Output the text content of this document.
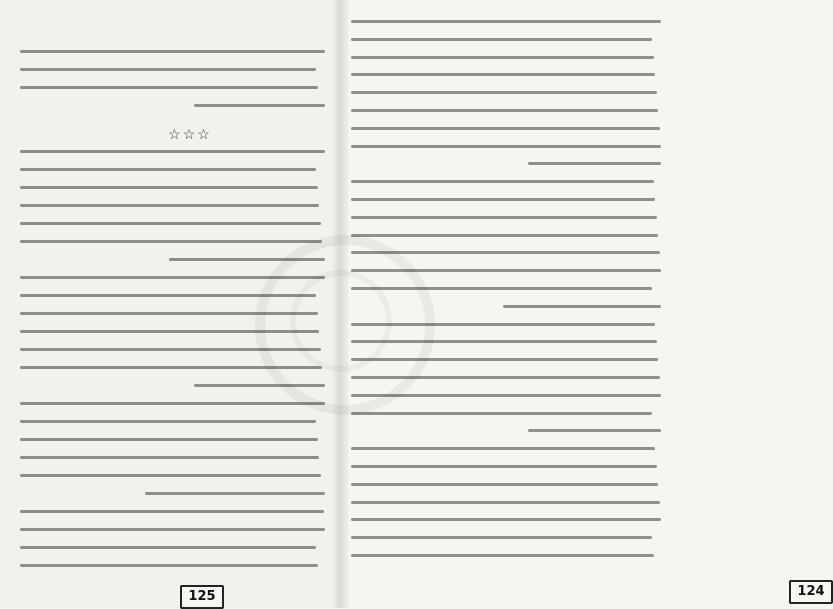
☆☆☆
125	124
